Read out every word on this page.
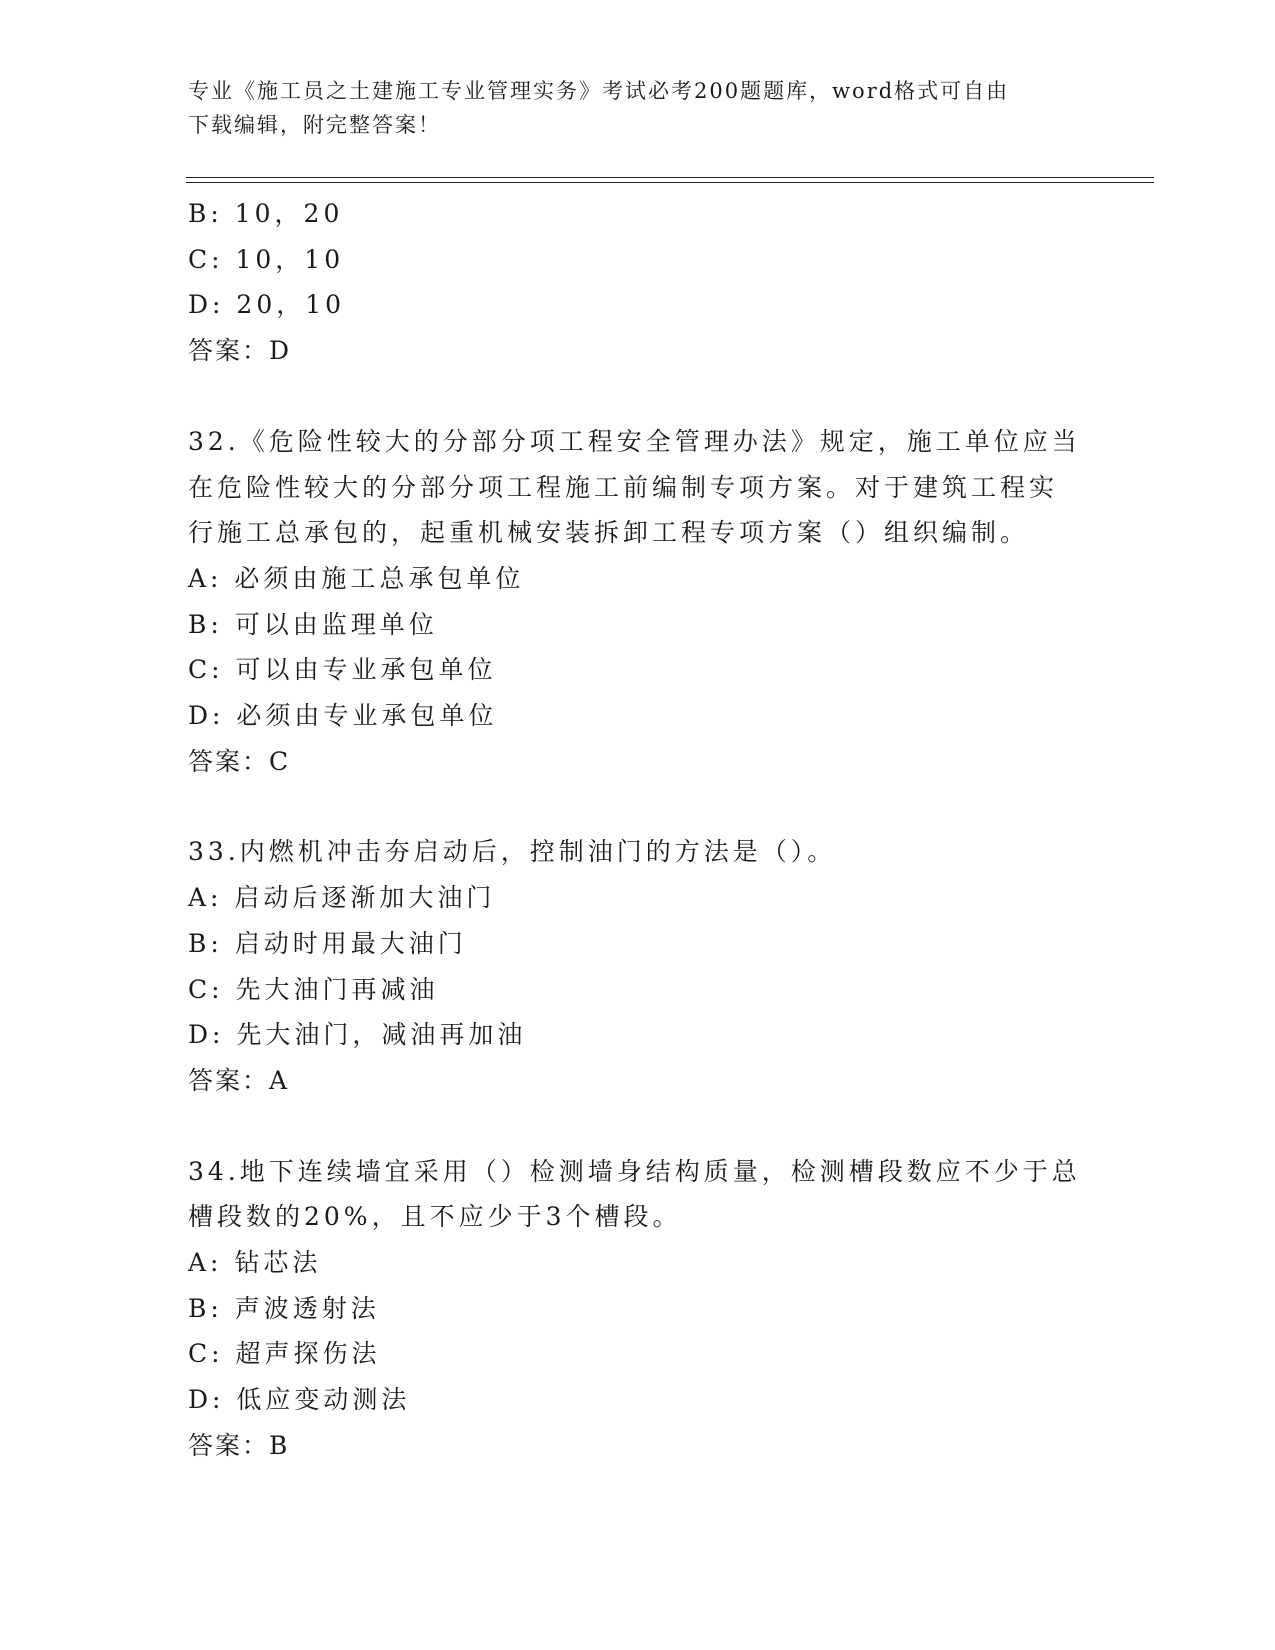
专业《施工员之土建施工专业管理实务》考试必考200题题库，word格式可自由
下载编辑，附完整答案！
B: 10，20
C: 10，10
D: 20，10
答案：D
32.《危险性较大的分部分项工程安全管理办法》规定，施工单位应当
在危险性较大的分部分项工程施工前编制专项方案。对于建筑工程实
行施工总承包的，起重机械安装拆卸工程专项方案（）组织编制。
A: 必须由施工总承包单位
B: 可以由监理单位
C: 可以由专业承包单位
D: 必须由专业承包单位
答案：C
33.内燃机冲击夯启动后，控制油门的方法是（）。
A: 启动后逐渐加大油门
B: 启动时用最大油门
C: 先大油门再减油
D: 先大油门，减油再加油
答案：A
34.地下连续墙宜采用（）检测墙身结构质量，检测槽段数应不少于总
槽段数的20%，且不应少于3个槽段。
A: 钻芯法
B: 声波透射法
C: 超声探伤法
D: 低应变动测法
答案：B
